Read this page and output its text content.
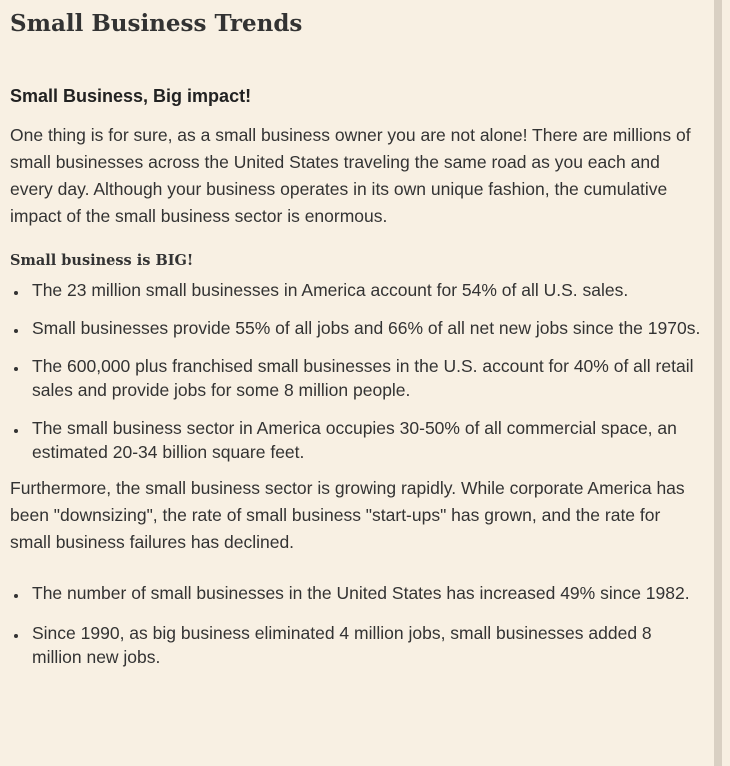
Small Business Trends
Small Business, Big impact!

One thing is for sure, as a small business owner you are not alone! There are millions of small businesses across the United States traveling the same road as you each and every day. Although your business operates in its own unique fashion, the cumulative impact of the small business sector is enormous.

Small business is BIG!
The 23 million small businesses in America account for 54% of all U.S. sales.
Small businesses provide 55% of all jobs and 66% of all net new jobs since the 1970s.
The 600,000 plus franchised small businesses in the U.S. account for 40% of all retail sales and provide jobs for some 8 million people.
The small business sector in America occupies 30-50% of all commercial space, an estimated 20-34 billion square feet.

Furthermore, the small business sector is growing rapidly. While corporate America has been "downsizing", the rate of small business "start-ups" has grown, and the rate for small business failures has declined.

The number of small businesses in the United States has increased 49% since 1982.
Since 1990, as big business eliminated 4 million jobs, small businesses added 8 million new jobs.
